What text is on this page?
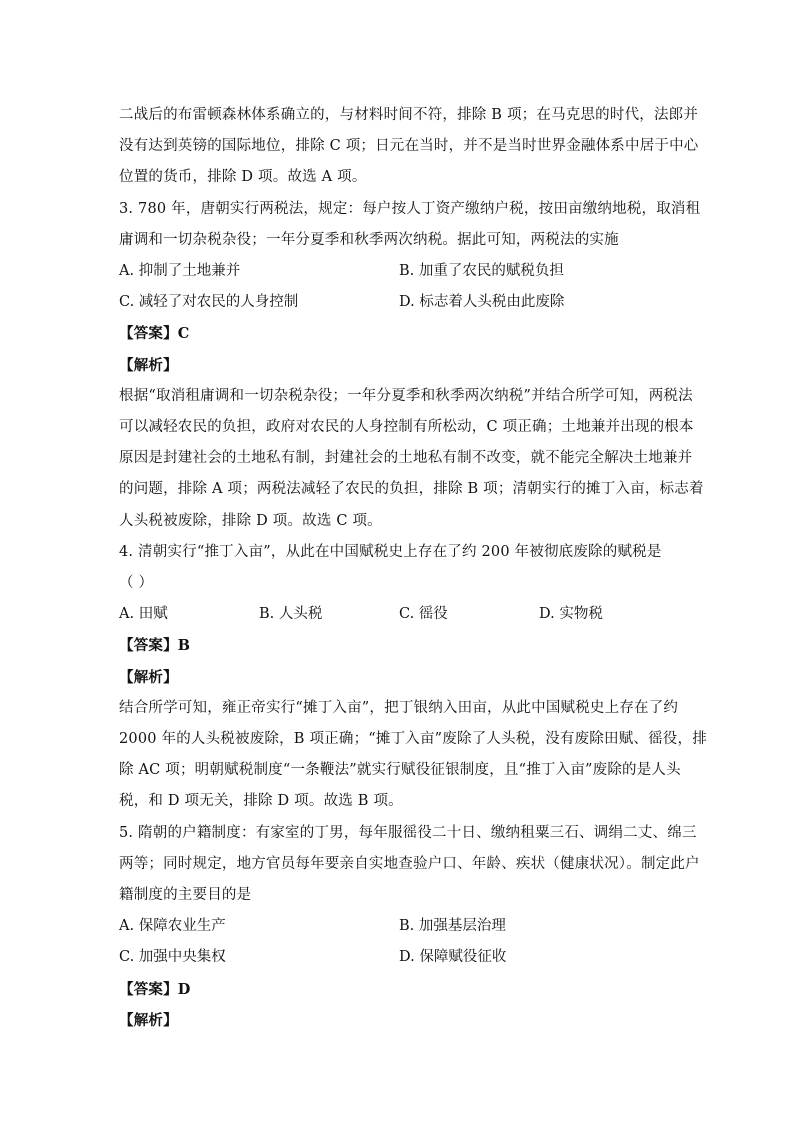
二战后的布雷顿森林体系确立的，与材料时间不符，排除 B 项；在马克思的时代，法郎并
没有达到英镑的国际地位，排除 C 项；日元在当时，并不是当时世界金融体系中居于中心
位置的货币，排除 D 项。故选 A 项。
3. 780 年，唐朝实行两税法，规定：每户按人丁资产缴纳户税，按田亩缴纳地税，取消租
庸调和一切杂税杂役；一年分夏季和秋季两次纳税。据此可知，两税法的实施
A. 抑制了土地兼并	B. 加重了农民的赋税负担
C. 减轻了对农民的人身控制	D. 标志着人头税由此废除
【答案】C
【解析】
根据“取消租庸调和一切杂税杂役；一年分夏季和秋季两次纳税”并结合所学可知，两税法
可以减轻农民的负担，政府对农民的人身控制有所松动，C 项正确；土地兼并出现的根本
原因是封建社会的土地私有制，封建社会的土地私有制不改变，就不能完全解决土地兼并
的问题，排除 A 项；两税法减轻了农民的负担，排除 B 项；清朝实行的摊丁入亩，标志着
人头税被废除，排除 D 项。故选 C 项。
4. 清朝实行“推丁入亩”，从此在中国赋税史上存在了约 200 年被彻底废除的赋税是
（ ）
A. 田赋	B. 人头税	C. 徭役	D. 实物税
【答案】B
【解析】
结合所学可知，雍正帝实行“摊丁入亩”，把丁银纳入田亩，从此中国赋税史上存在了约
2000 年的人头税被废除，B 项正确；“摊丁入亩”废除了人头税，没有废除田赋、徭役，排
除 AC 项；明朝赋税制度“一条鞭法”就实行赋役征银制度，且“推丁入亩”废除的是人头
税，和 D 项无关，排除 D 项。故选 B 项。
5. 隋朝的户籍制度：有家室的丁男，每年服徭役二十日、缴纳租粟三石、调绢二丈、绵三
两等；同时规定，地方官员每年要亲自实地查验户口、年龄、疾状（健康状况）。制定此户
籍制度的主要目的是
A. 保障农业生产	B. 加强基层治理
C. 加强中央集权	D. 保障赋役征收
【答案】D
【解析】
